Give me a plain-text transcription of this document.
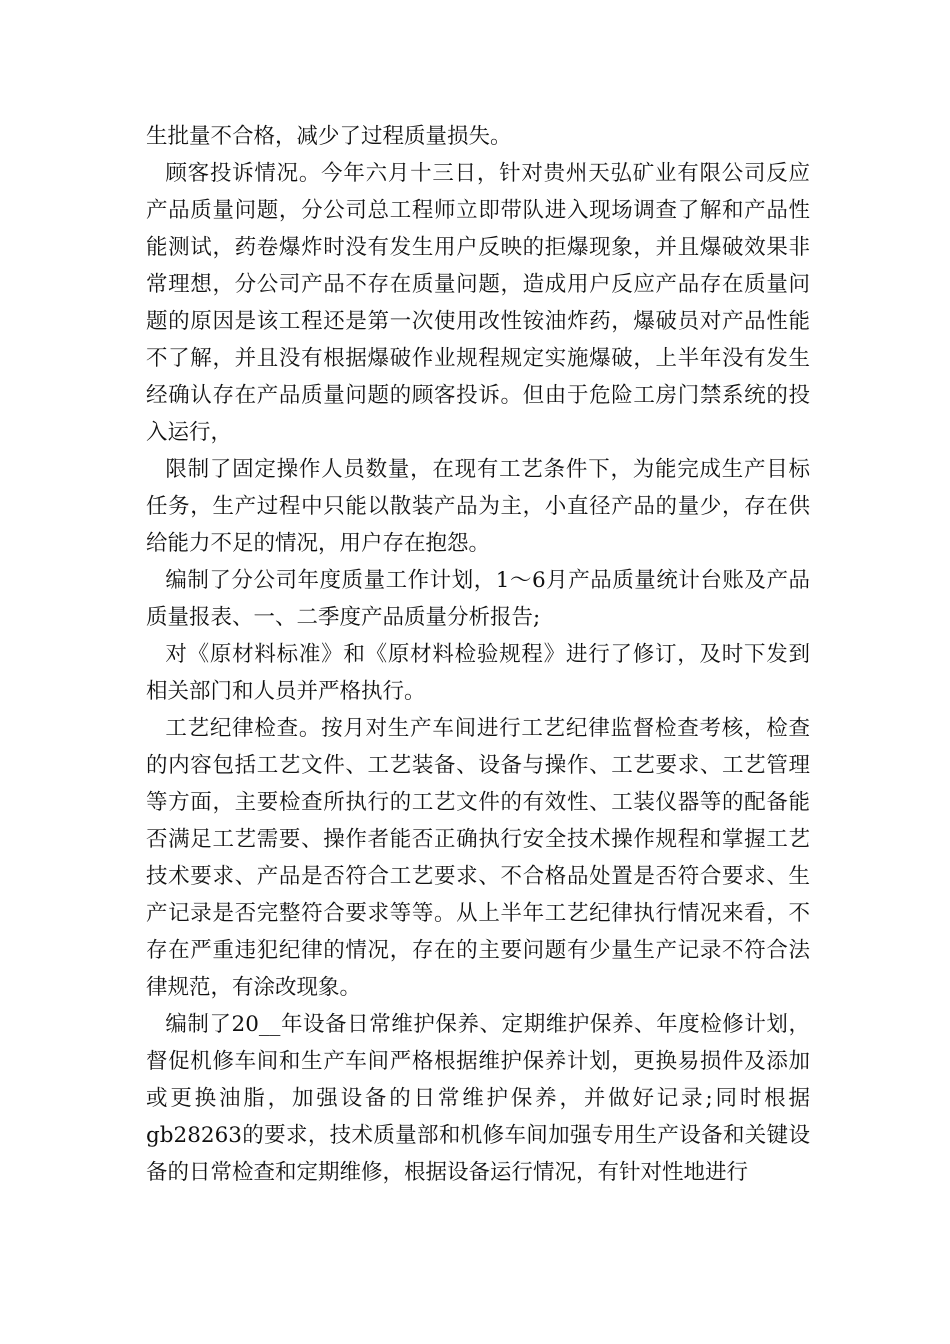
生批量不合格，减少了过程质量损失。

顾客投诉情况。今年六月十三日，针对贵州天弘矿业有限公司反应产品质量问题，分公司总工程师立即带队进入现场调查了解和产品性能测试，药卷爆炸时没有发生用户反映的拒爆现象，并且爆破效果非常理想，分公司产品不存在质量问题，造成用户反应产品存在质量问题的原因是该工程还是第一次使用改性铵油炸药，爆破员对产品性能不了解，并且没有根据爆破作业规程规定实施爆破，上半年没有发生经确认存在产品质量问题的顾客投诉。但由于危险工房门禁系统的投入运行，

限制了固定操作人员数量，在现有工艺条件下，为能完成生产目标任务，生产过程中只能以散装产品为主，小直径产品的量少，存在供给能力不足的情况，用户存在抱怨。

编制了分公司年度质量工作计划，1～6月产品质量统计台账及产品质量报表、一、二季度产品质量分析报告;

对《原材料标准》和《原材料检验规程》进行了修订，及时下发到相关部门和人员并严格执行。

工艺纪律检查。按月对生产车间进行工艺纪律监督检查考核，检查的内容包括工艺文件、工艺装备、设备与操作、工艺要求、工艺管理等方面，主要检查所执行的工艺文件的有效性、工装仪器等的配备能否满足工艺需要、操作者能否正确执行安全技术操作规程和掌握工艺技术要求、产品是否符合工艺要求、不合格品处置是否符合要求、生产记录是否完整符合要求等等。从上半年工艺纪律执行情况来看，不存在严重违犯纪律的情况，存在的主要问题有少量生产记录不符合法律规范，有涂改现象。

编制了20__年设备日常维护保养、定期维护保养、年度检修计划，督促机修车间和生产车间严格根据维护保养计划，更换易损件及添加或更换油脂，加强设备的日常维护保养，并做好记录;同时根据gb28263的要求，技术质量部和机修车间加强专用生产设备和关键设备的日常检查和定期维修，根据设备运行情况，有针对性地进行
